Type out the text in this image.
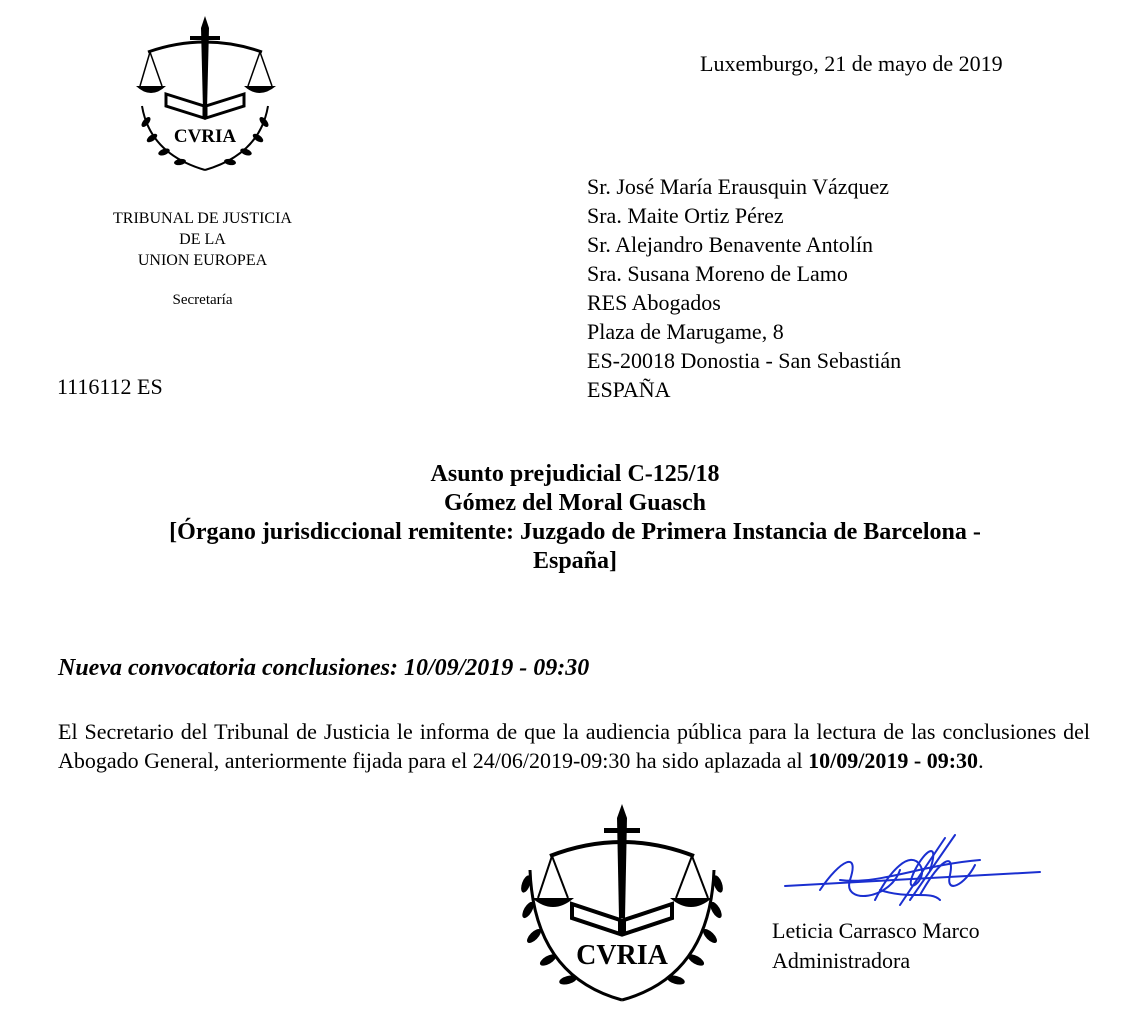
CVRIA
TRIBUNAL DE JUSTICIA
DE LA
UNION EUROPEA
Secretaría
1116112 ES
Luxemburgo, 21 de mayo de 2019
Sr. José María Erausquin Vázquez
Sra. Maite Ortiz Pérez
Sr. Alejandro Benavente Antolín
Sra. Susana Moreno de Lamo
RES Abogados
Plaza de Marugame, 8
ES-20018 Donostia - San Sebastián
ESPAÑA
Asunto prejudicial C-125/18
Gómez del Moral Guasch
[Órgano jurisdiccional remitente: Juzgado de Primera Instancia de Barcelona -
España]
Nueva convocatoria conclusiones: 10/09/2019 - 09:30
El Secretario del Tribunal de Justicia le informa de que la audiencia pública para la lectura de las conclusiones del Abogado General, anteriormente fijada para el 24/06/2019-09:30 ha sido aplazada al 10/09/2019 - 09:30.
CVRIA
Leticia Carrasco Marco
Administradora
